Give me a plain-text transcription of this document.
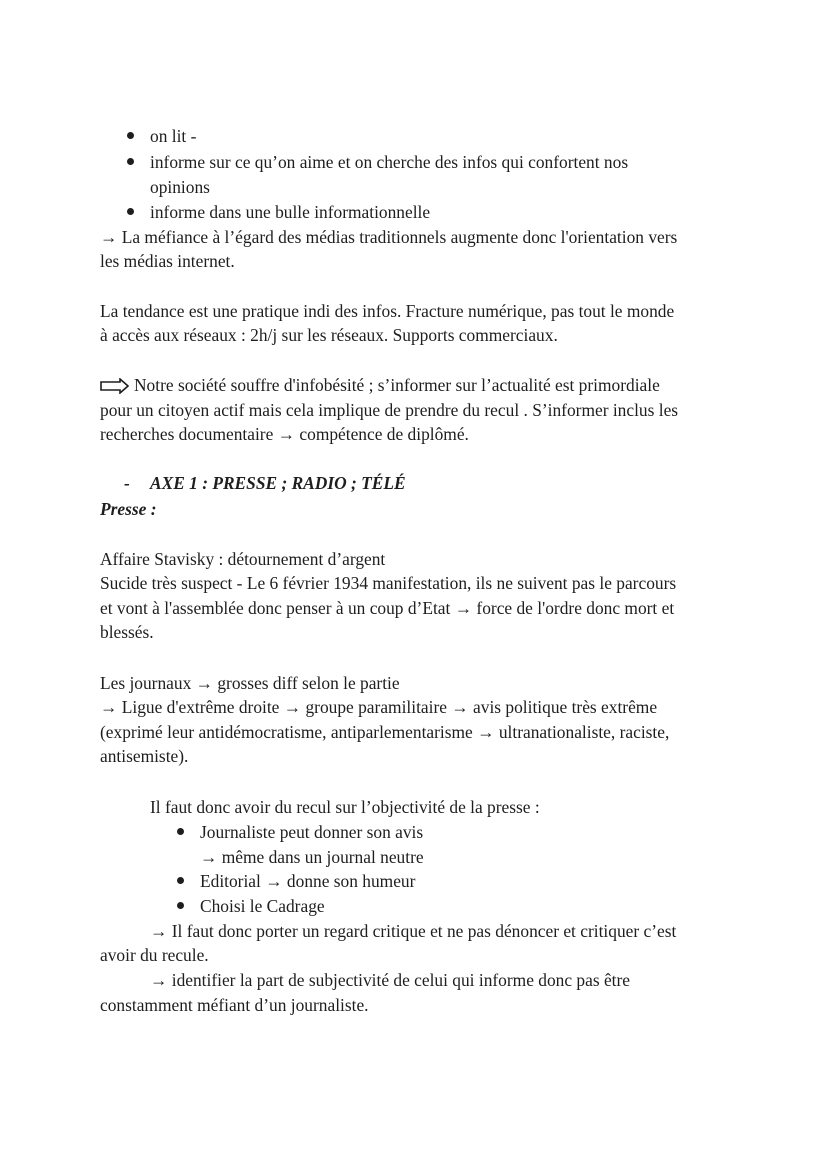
on lit -
informe sur ce qu’on aime et on cherche des infos qui confortent nos
opinions
informe dans une bulle informationnelle
→ La méfiance à l’égard des médias traditionnels augmente donc l'orientation vers
les médias internet.
La tendance est une pratique indi des infos. Fracture numérique, pas tout le monde
à accès aux réseaux : 2h/j sur les réseaux. Supports commerciaux.
Notre société souffre d'infobésité ; s’informer sur l’actualité est primordiale
pour un citoyen actif mais cela implique de prendre du recul . S’informer inclus les
recherches documentaire → compétence de diplômé.
- AXE 1 : PRESSE ; RADIO ; TÉLÉ
Presse :
Affaire Stavisky : détournement d’argent
Sucide très suspect - Le 6 février 1934 manifestation, ils ne suivent pas le parcours
et vont à l'assemblée donc penser à un coup d’Etat → force de l'ordre donc mort et
blessés.
Les journaux → grosses diff selon le partie
→ Ligue d'extrême droite → groupe paramilitaire → avis politique très extrême
(exprimé leur antidémocratisme, antiparlementarisme → ultranationaliste, raciste,
antisemiste).
Il faut donc avoir du recul sur l’objectivité de la presse :
Journaliste peut donner son avis
→ même dans un journal neutre
Editorial → donne son humeur
Choisi le Cadrage
→ Il faut donc porter un regard critique et ne pas dénoncer et critiquer c’est
avoir du recule.
→ identifier la part de subjectivité de celui qui informe donc pas être
constamment méfiant d’un journaliste.
